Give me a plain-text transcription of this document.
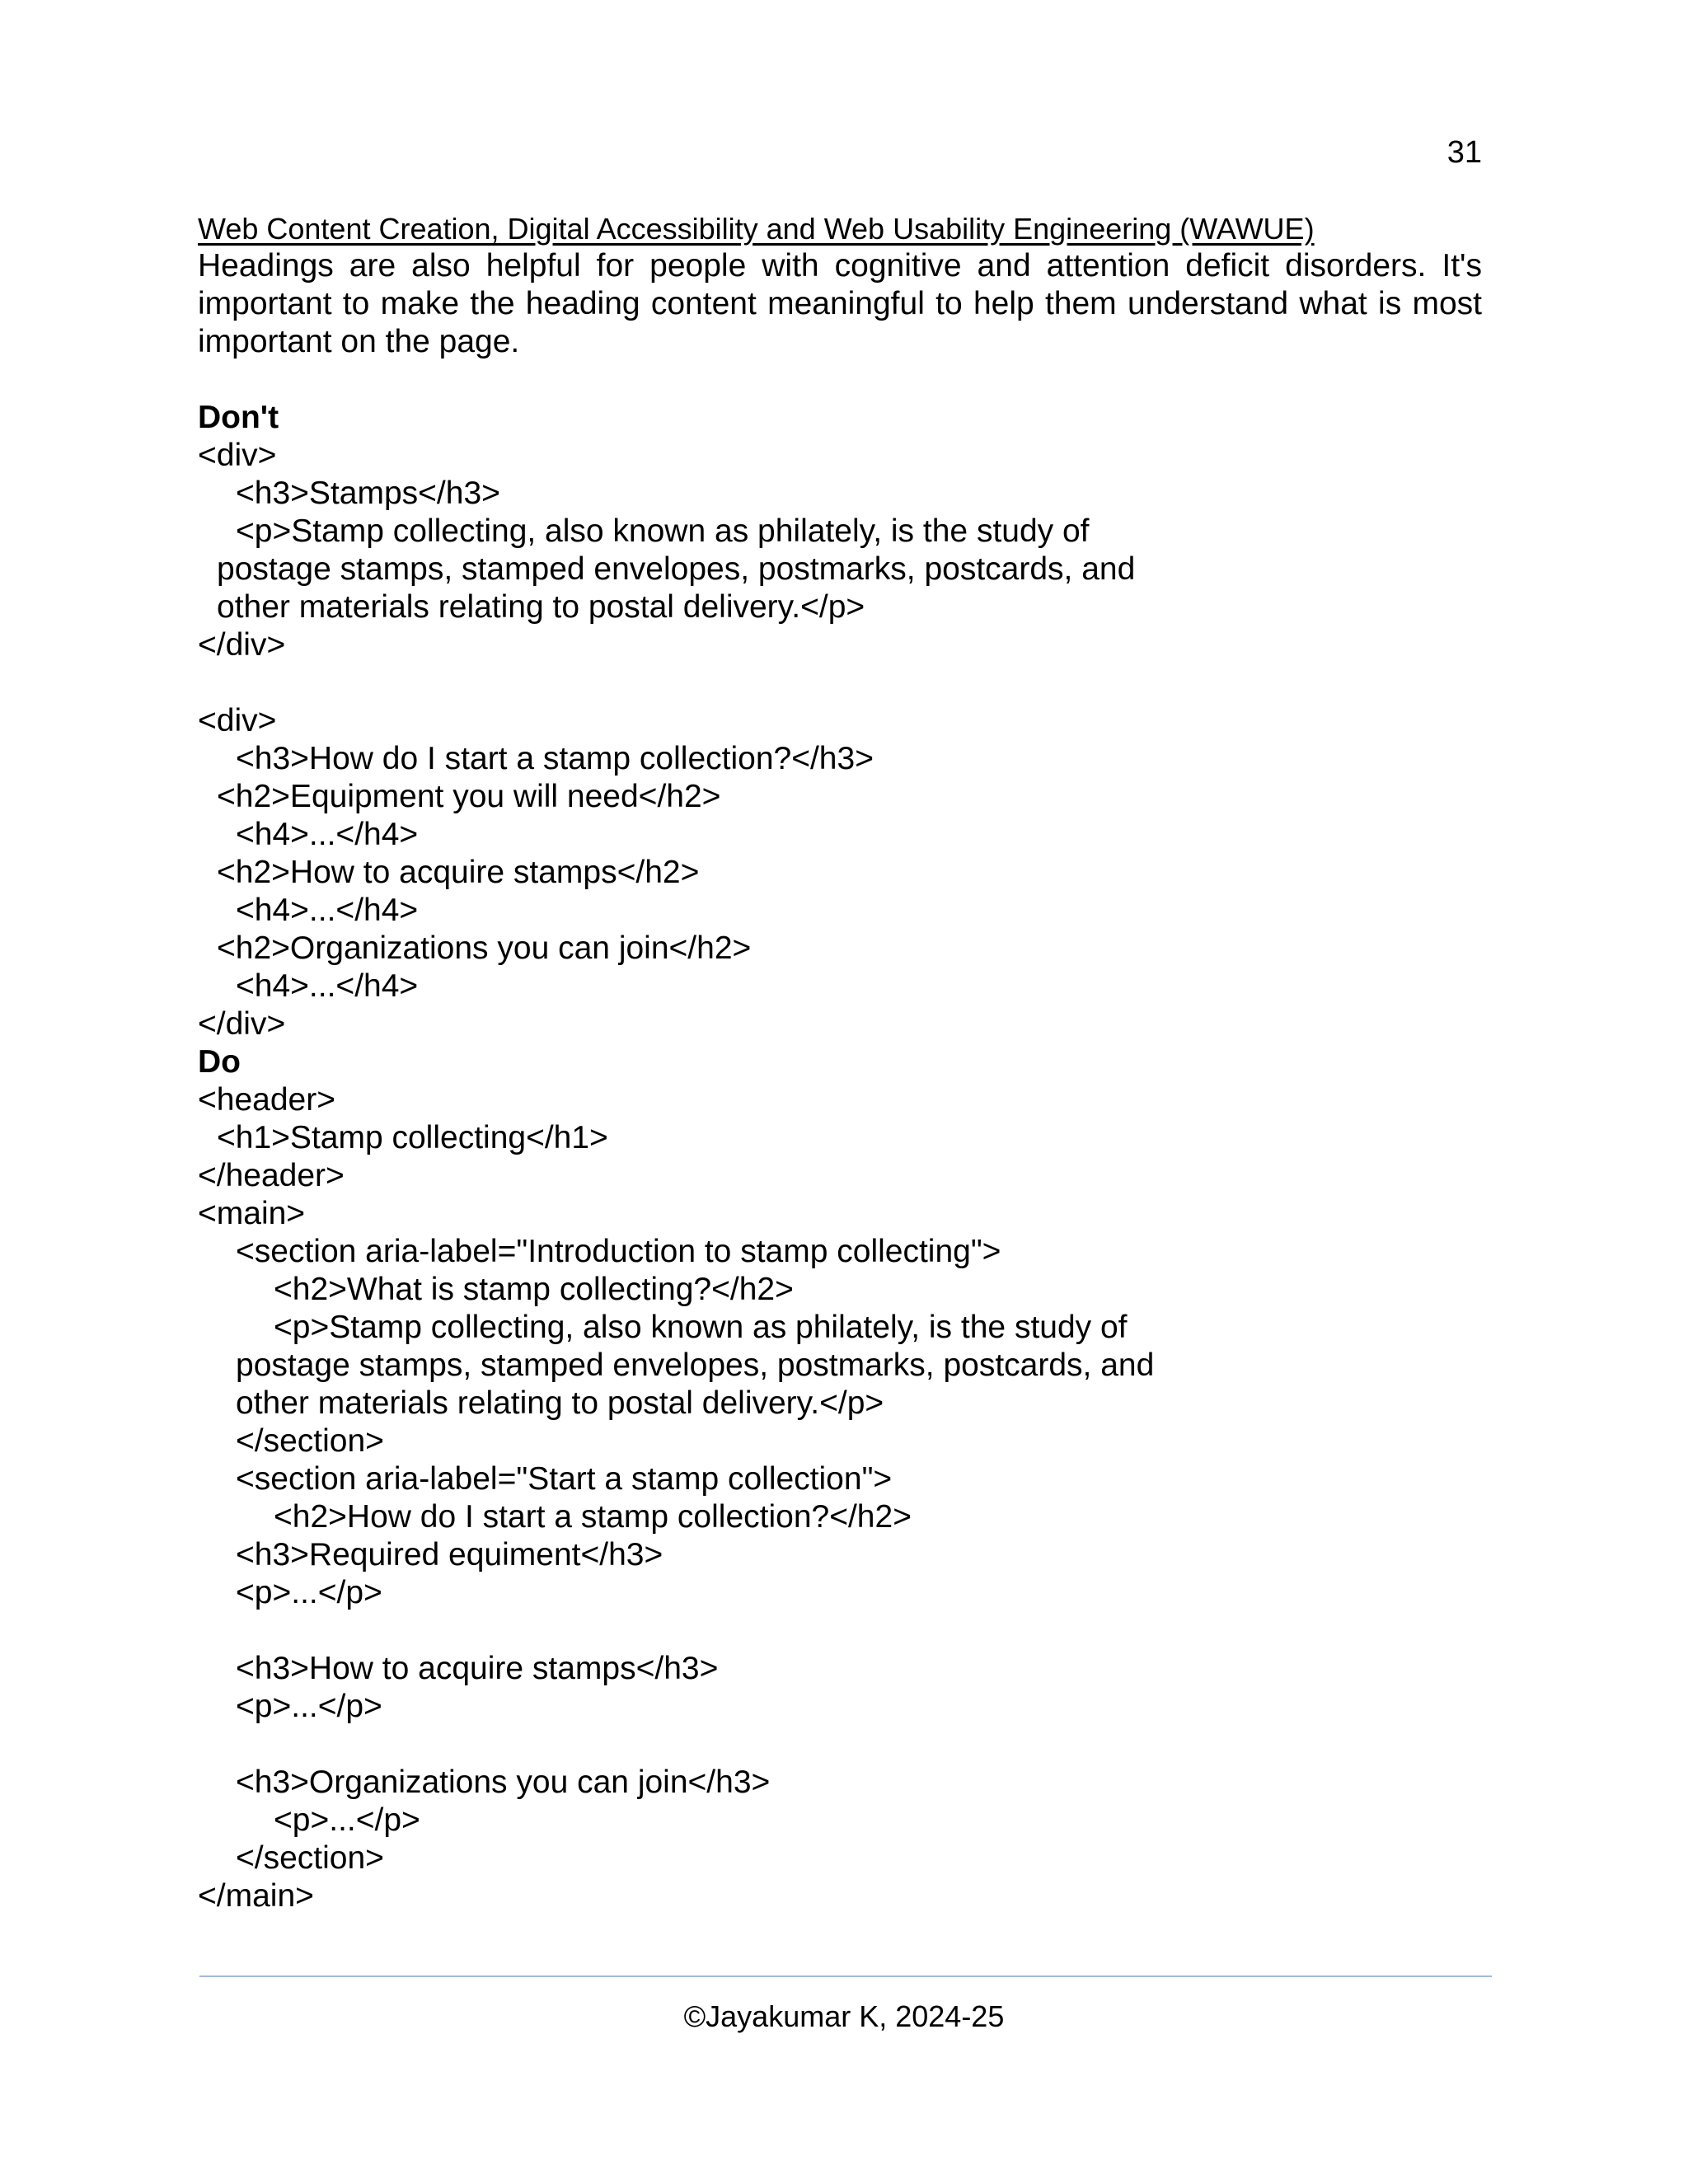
31
Web Content Creation, Digital Accessibility and Web Usability Engineering (WAWUE)

Headings are also helpful for people with cognitive and attention deficit disorders. It's important to make the heading content meaningful to help them understand what is most important on the page.

Don't
<div>
<h3>Stamps</h3>
<p>Stamp collecting, also known as philately, is the study of
postage stamps, stamped envelopes, postmarks, postcards, and
other materials relating to postal delivery.</p>
</div>
<div>
<h3>How do I start a stamp collection?</h3>
<h2>Equipment you will need</h2>
<h4>...</h4>
<h2>How to acquire stamps</h2>
<h4>...</h4>
<h2>Organizations you can join</h2>
<h4>...</h4>
</div>
Do
<header>
<h1>Stamp collecting</h1>
</header>
<main>
<section aria-label="Introduction to stamp collecting">
<h2>What is stamp collecting?</h2>
<p>Stamp collecting, also known as philately, is the study of
postage stamps, stamped envelopes, postmarks, postcards, and
other materials relating to postal delivery.</p>
</section>
<section aria-label="Start a stamp collection">
<h2>How do I start a stamp collection?</h2>
<h3>Required equiment</h3>
<p>...</p>
<h3>How to acquire stamps</h3>
<p>...</p>
<h3>Organizations you can join</h3>
<p>...</p>
</section>
</main>
©Jayakumar K, 2024-25
